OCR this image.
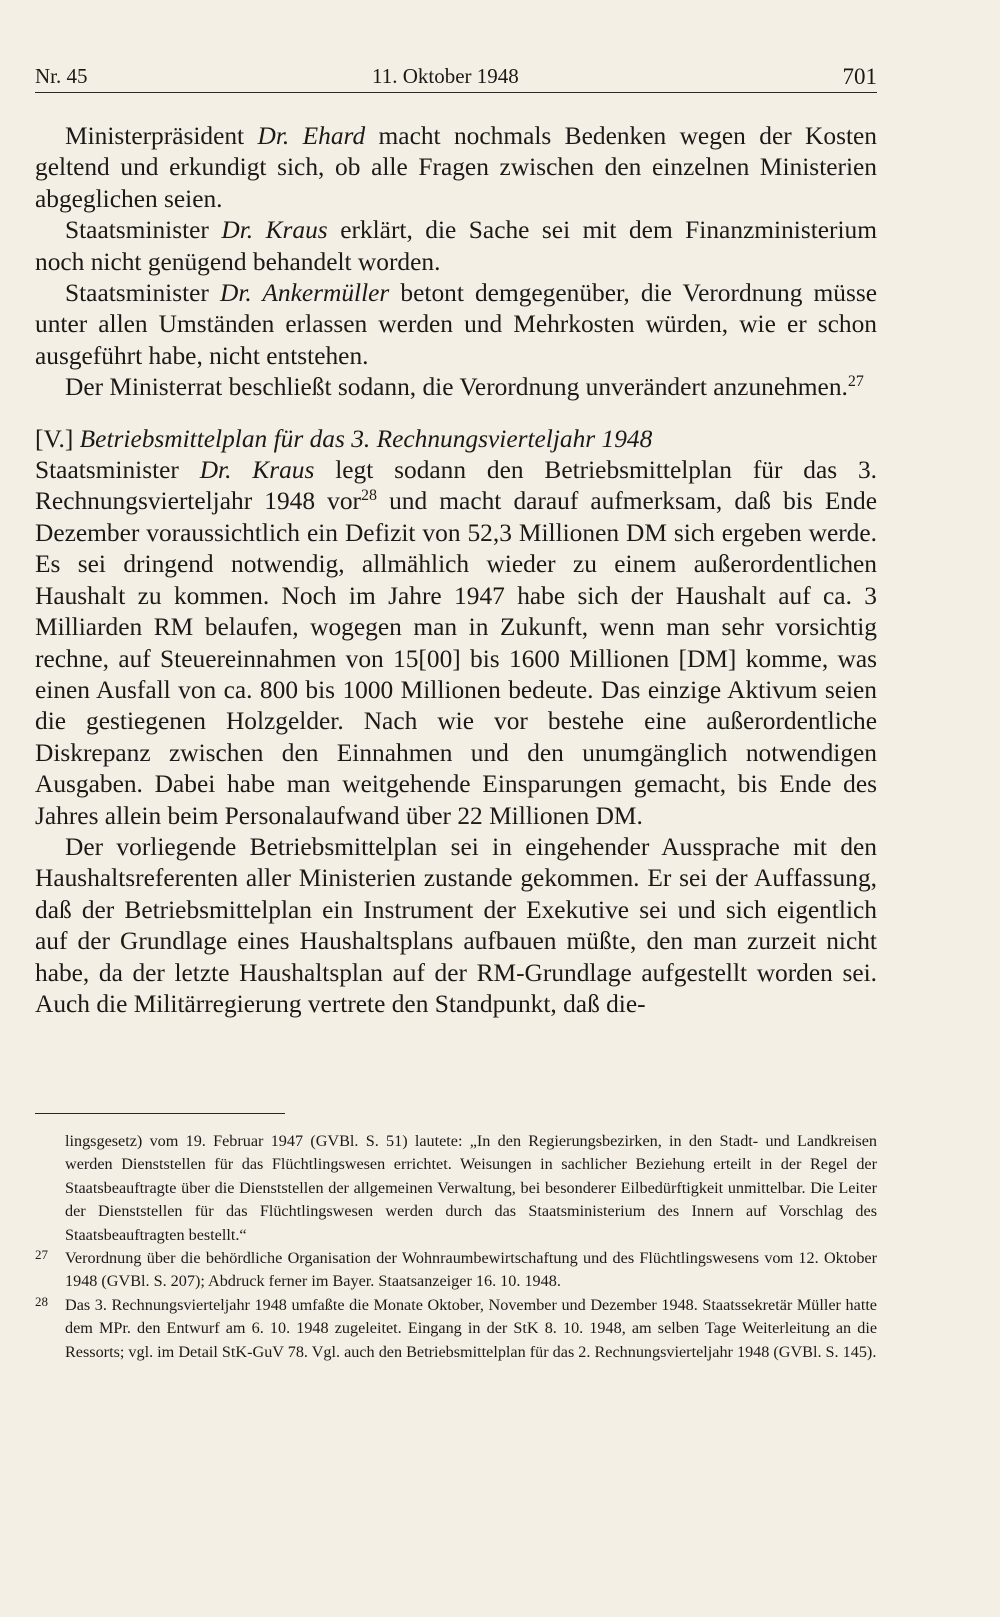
Nr. 45	11. Oktober 1948	701

Ministerpräsident Dr. Ehard macht nochmals Bedenken wegen der Kosten geltend und erkundigt sich, ob alle Fragen zwischen den einzelnen Ministerien abgeglichen seien.

Staatsminister Dr. Kraus erklärt, die Sache sei mit dem Finanzministerium noch nicht genügend behandelt worden.

Staatsminister Dr. Ankermüller betont demgegenüber, die Verordnung müsse unter allen Umständen erlassen werden und Mehrkosten würden, wie er schon ausgeführt habe, nicht entstehen.

Der Ministerrat beschließt sodann, die Verordnung unverändert anzunehmen.$^{27}$

[V.] Betriebsmittelplan für das 3. Rechnungsvierteljahr 1948

Staatsminister Dr. Kraus legt sodann den Betriebsmittelplan für das 3. Rechnungsvierteljahr 1948 vor$^{28}$ und macht darauf aufmerksam, daß bis Ende Dezember voraussichtlich ein Defizit von 52,3 Millionen DM sich ergeben werde. Es sei dringend notwendig, allmählich wieder zu einem außerordentlichen Haushalt zu kommen. Noch im Jahre 1947 habe sich der Haushalt auf ca. 3 Milliarden RM belaufen, wogegen man in Zukunft, wenn man sehr vorsichtig rechne, auf Steuereinnahmen von 15[00] bis 1600 Millionen [DM] komme, was einen Ausfall von ca. 800 bis 1000 Millionen bedeute. Das einzige Aktivum seien die gestiegenen Holzgelder. Nach wie vor bestehe eine außerordentliche Diskrepanz zwischen den Einnahmen und den unumgänglich notwendigen Ausgaben. Dabei habe man weitgehende Einsparungen gemacht, bis Ende des Jahres allein beim Personalaufwand über 22 Millionen DM.

Der vorliegende Betriebsmittelplan sei in eingehender Aussprache mit den Haushaltsreferenten aller Ministerien zustande gekommen. Er sei der Auffassung, daß der Betriebsmittelplan ein Instrument der Exekutive sei und sich eigentlich auf der Grundlage eines Haushaltsplans aufbauen müßte, den man zurzeit nicht habe, da der letzte Haushaltsplan auf der RM-Grundlage aufgestellt worden sei. Auch die Militärregierung vertrete den Standpunkt, daß die-

lingsgesetz) vom 19. Februar 1947 (GVBl. S. 51) lautete: „In den Regierungsbezirken, in den Stadt- und Landkreisen werden Dienststellen für das Flüchtlingswesen errichtet. Weisungen in sachlicher Beziehung erteilt in der Regel der Staatsbeauftragte über die Dienststellen der allgemeinen Verwaltung, bei besonderer Eilbedürftigkeit unmittelbar. Die Leiter der Dienststellen für das Flüchtlingswesen werden durch das Staatsministerium des Innern auf Vorschlag des Staatsbeauftragten bestellt.“
27 Verordnung über die behördliche Organisation der Wohnraumbewirtschaftung und des Flüchtlingswesens vom 12. Oktober 1948 (GVBl. S. 207); Abdruck ferner im Bayer. Staatsanzeiger 16. 10. 1948.
28 Das 3. Rechnungsvierteljahr 1948 umfaßte die Monate Oktober, November und Dezember 1948. Staatssekretär Müller hatte dem MPr. den Entwurf am 6. 10. 1948 zugeleitet. Eingang in der StK 8. 10. 1948, am selben Tage Weiterleitung an die Ressorts; vgl. im Detail StK-GuV 78. Vgl. auch den Betriebsmittelplan für das 2. Rechnungsvierteljahr 1948 (GVBl. S. 145).
